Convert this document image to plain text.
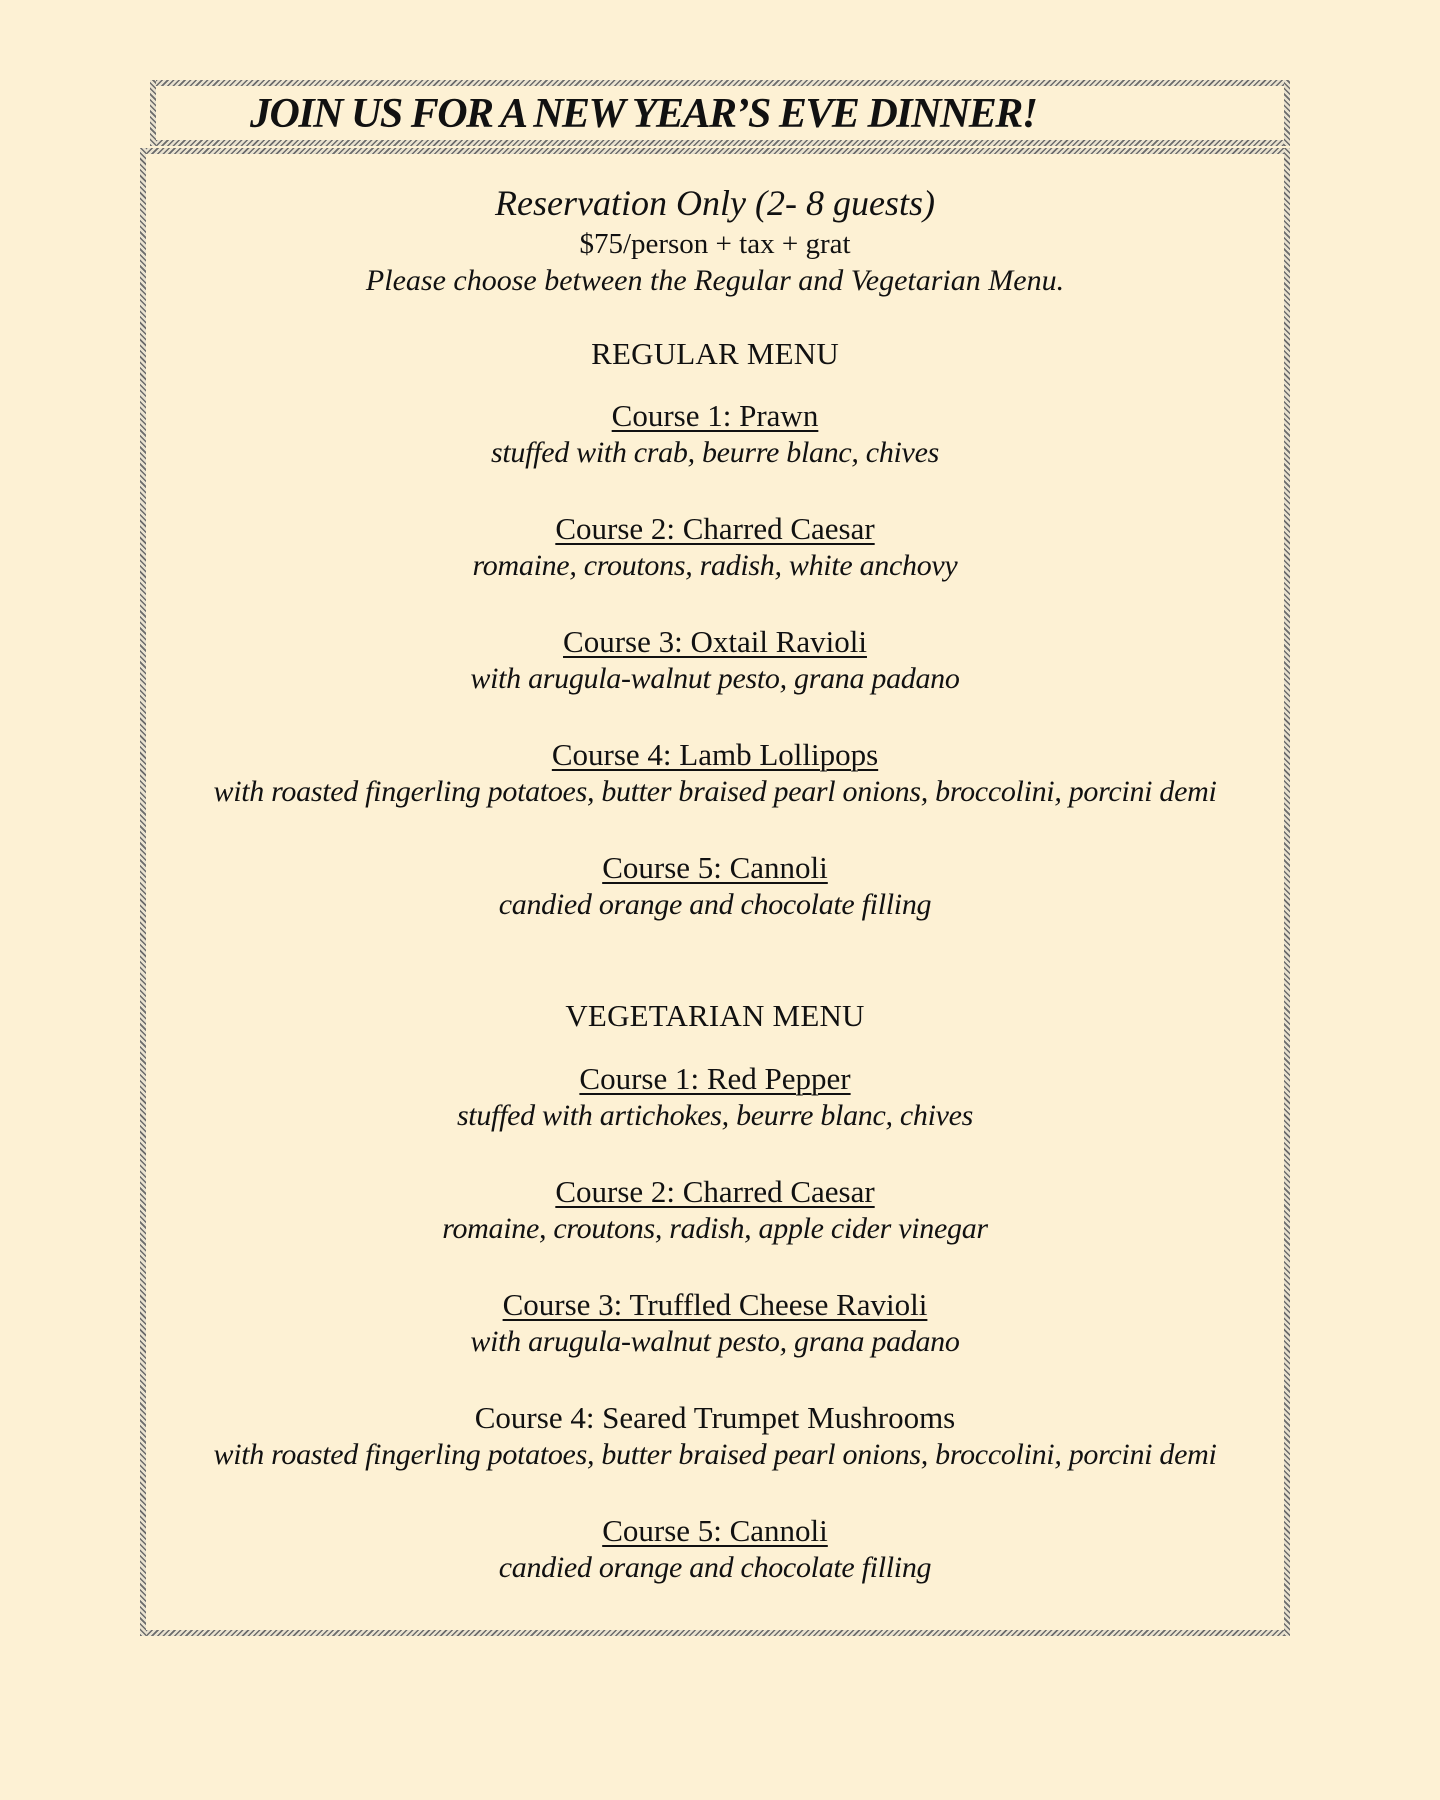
JOIN US FOR A NEW YEAR’S EVE DINNER!
Reservation Only (2- 8 guests)
$75/person + tax + grat
Please choose between the Regular and Vegetarian Menu.
REGULAR MENU
Course 1: Prawn
stuffed with crab, beurre blanc, chives
Course 2: Charred Caesar
romaine, croutons, radish, white anchovy
Course 3: Oxtail Ravioli
with arugula-walnut pesto, grana padano
Course 4: Lamb Lollipops
with roasted fingerling potatoes, butter braised pearl onions, broccolini, porcini demi
Course 5: Cannoli
candied orange and chocolate filling
VEGETARIAN MENU
Course 1: Red Pepper
stuffed with artichokes, beurre blanc, chives
Course 2: Charred Caesar
romaine, croutons, radish, apple cider vinegar
Course 3: Truffled Cheese Ravioli
with arugula-walnut pesto, grana padano
Course 4: Seared Trumpet Mushrooms
with roasted fingerling potatoes, butter braised pearl onions, broccolini, porcini demi
Course 5: Cannoli
candied orange and chocolate filling
